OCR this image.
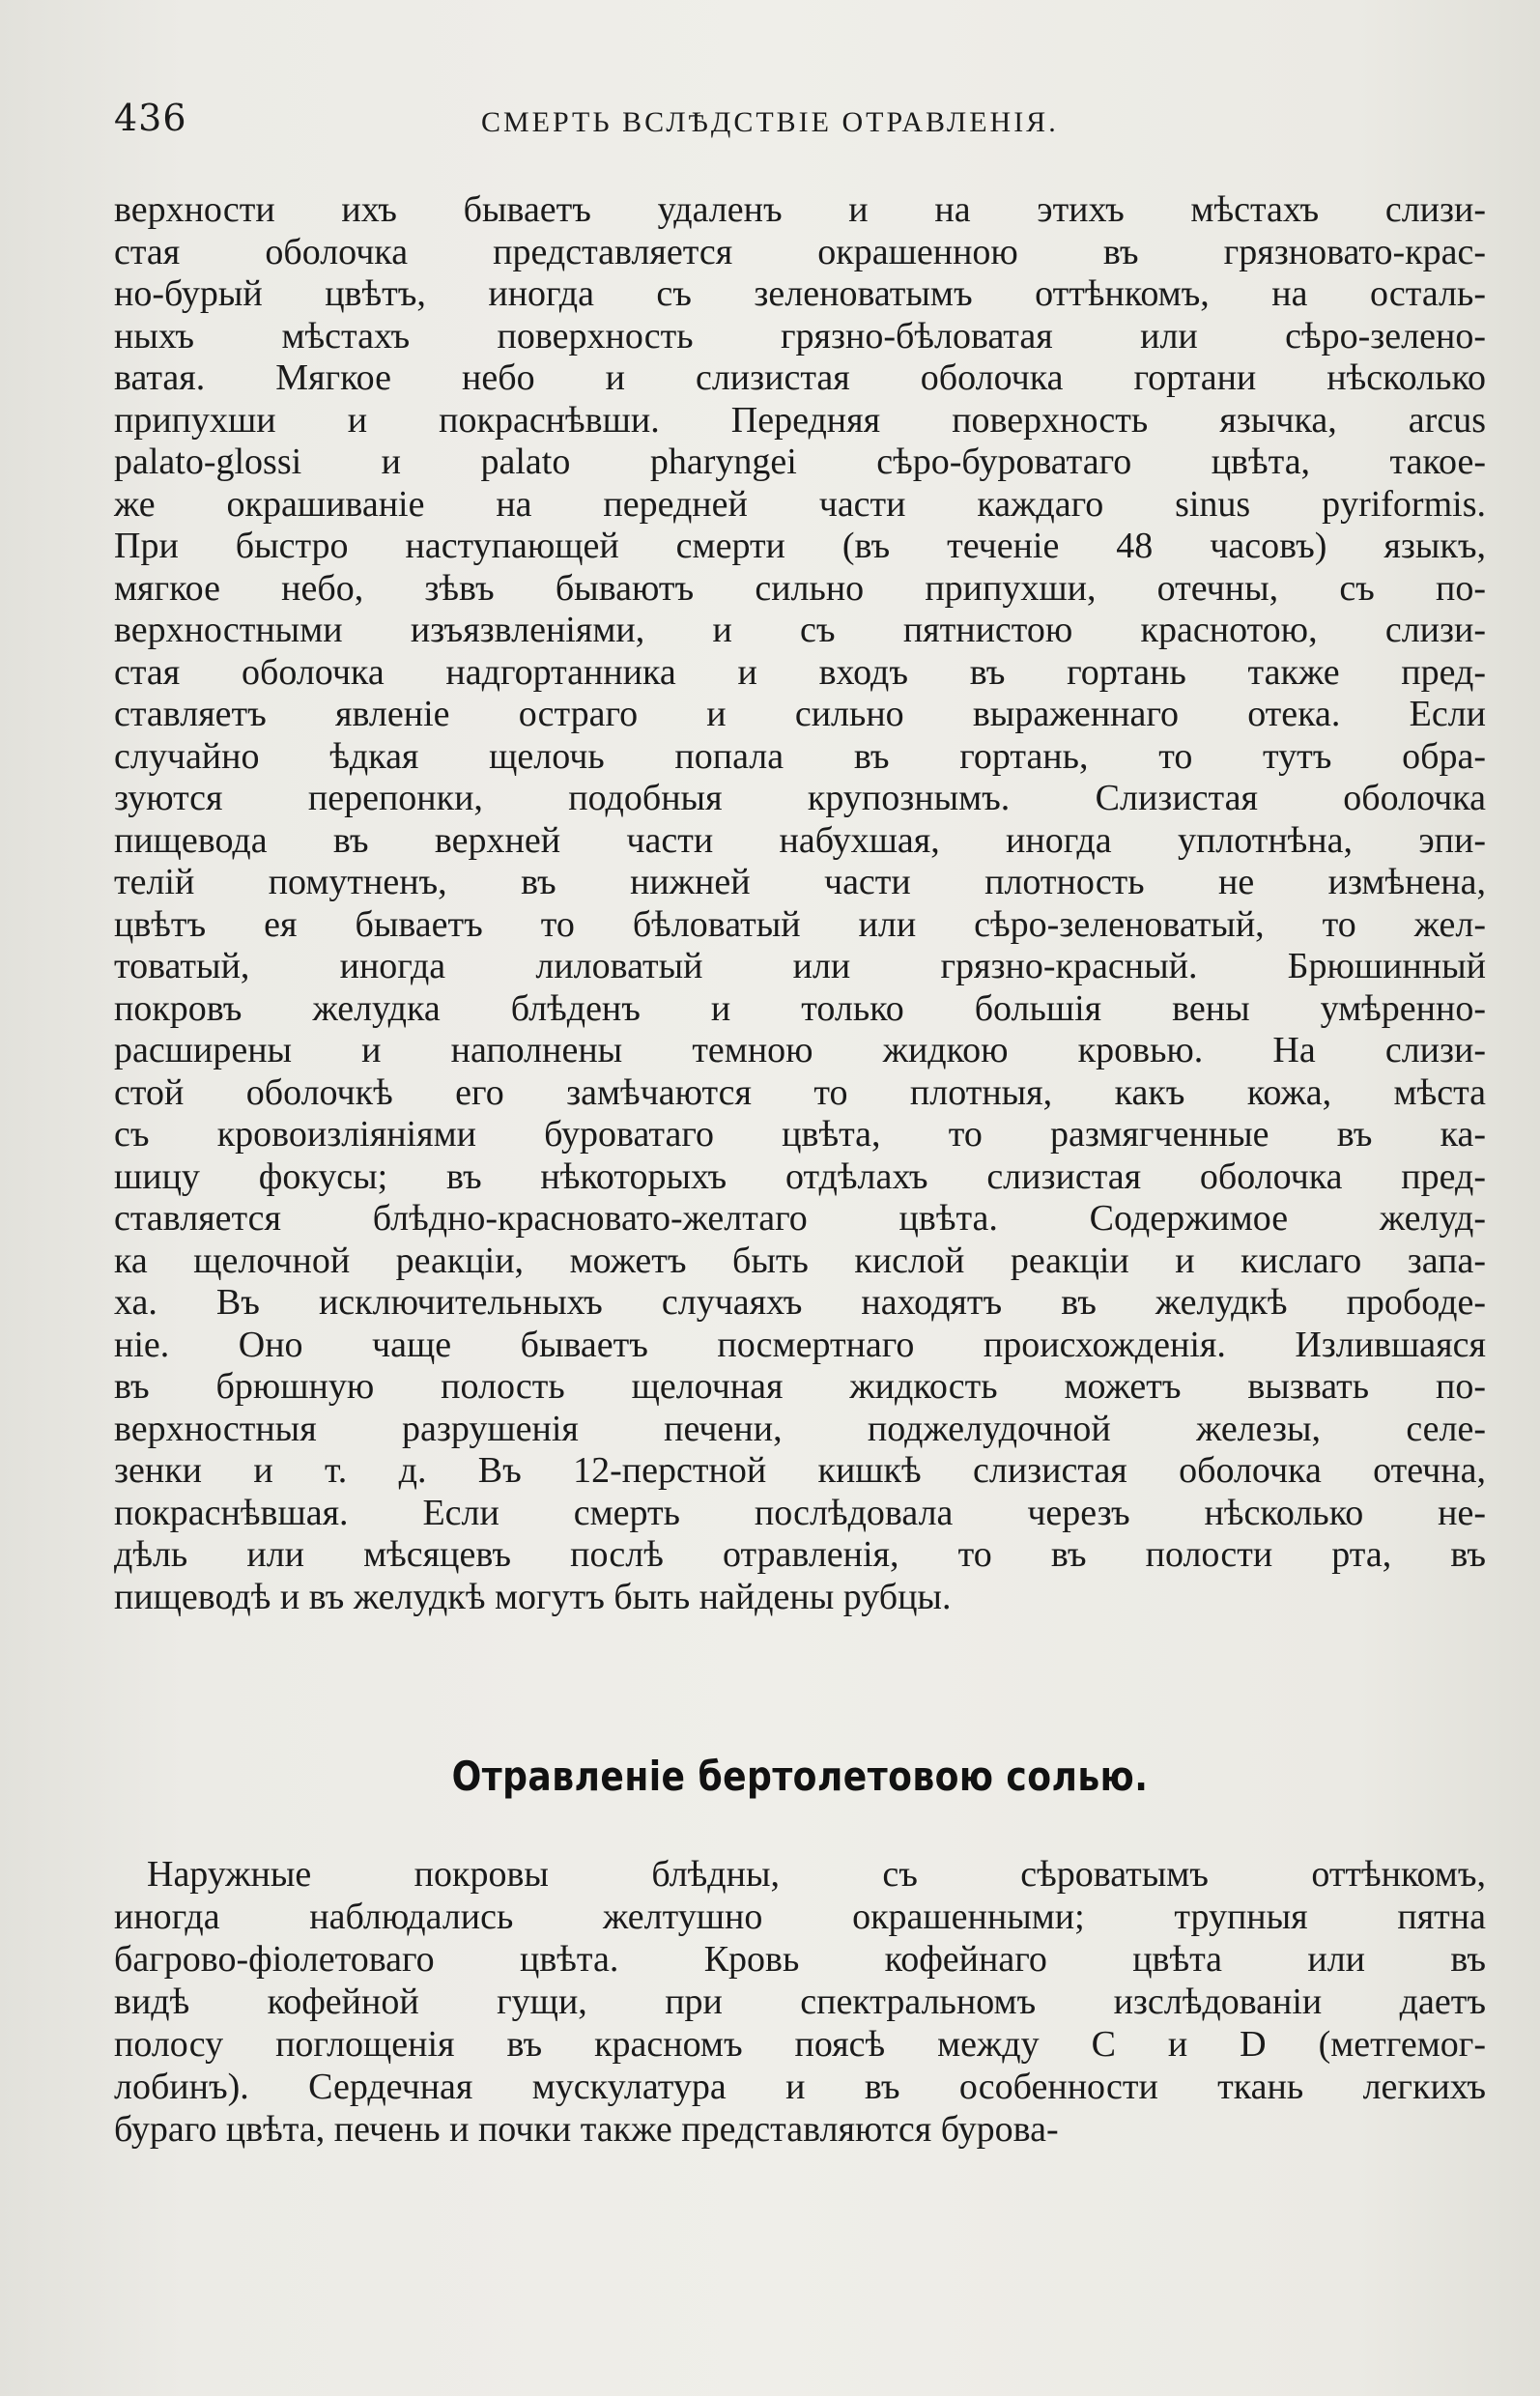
436	СМЕРТЬ ВСЛѢДСТВІЕ ОТРАВЛЕНІЯ.
верхности ихъ бываетъ удаленъ и на этихъ мѣстахъ слизи-
стая оболочка представляется окрашенною въ грязновато-крас-
но-бурый цвѣтъ, иногда съ зеленоватымъ оттѣнкомъ, на осталь-
ныхъ мѣстахъ поверхность грязно-бѣловатая или сѣро-зелено-
ватая. Мягкое небо и слизистая оболочка гортани нѣсколько
припухши и покраснѣвши. Передняя поверхность язычка, arcus
palato-glossi и palato pharyngei сѣро-буроватаго цвѣта, такое-
же окрашиваніе на передней части каждаго sinus pyriformis.
При быстро наступающей смерти (въ теченіе 48 часовъ) языкъ,
мягкое небо, зѣвъ бываютъ сильно припухши, отечны, съ по-
верхностными изъязвленіями, и съ пятнистою краснотою, слизи-
стая оболочка надгортанника и входъ въ гортань также пред-
ставляетъ явленіе остраго и сильно выраженнаго отека. Если
случайно ѣдкая щелочь попала въ гортань, то тутъ обра-
зуются перепонки, подобныя крупознымъ. Слизистая оболочка
пищевода въ верхней части набухшая, иногда уплотнѣна, эпи-
телій помутненъ, въ нижней части плотность не измѣнена,
цвѣтъ ея бываетъ то бѣловатый или сѣро-зеленоватый, то жел-
товатый, иногда лиловатый или грязно-красный. Брюшинный
покровъ желудка блѣденъ и только большія вены умѣренно-
расширены и наполнены темною жидкою кровью. На слизи-
стой оболочкѣ его замѣчаются то плотныя, какъ кожа, мѣста
съ кровоизліяніями буроватаго цвѣта, то размягченные въ ка-
шицу фокусы; въ нѣкоторыхъ отдѣлахъ слизистая оболочка пред-
ставляется блѣдно-красновато-желтаго цвѣта. Содержимое желуд-
ка щелочной реакціи, можетъ быть кислой реакціи и кислаго запа-
ха. Въ исключительныхъ случаяхъ находятъ въ желудкѣ прободе-
ніе. Оно чаще бываетъ посмертнаго происхожденія. Излившаяся
въ брюшную полость щелочная жидкость можетъ вызвать по-
верхностныя разрушенія печени, поджелудочной железы, селе-
зенки и т. д. Въ 12-перстной кишкѣ слизистая оболочка отечна,
покраснѣвшая. Если смерть послѣдовала черезъ нѣсколько не-
дѣль или мѣсяцевъ послѣ отравленія, то въ полости рта, въ
пищеводѣ и въ желудкѣ могутъ быть найдены рубцы.
Отравленіе бертолетовою солью.
Наружные покровы блѣдны, съ сѣроватымъ оттѣнкомъ,
иногда наблюдались желтушно окрашенными; трупныя пятна
багрово-фіолетоваго цвѣта. Кровь кофейнаго цвѣта или въ
видѣ кофейной гущи, при спектральномъ изслѣдованіи даетъ
полосу поглощенія въ красномъ поясѣ между C и D (метгемог-
лобинъ). Сердечная мускулатура и въ особенности ткань легкихъ
бураго цвѣта, печень и почки также представляются бурова-
